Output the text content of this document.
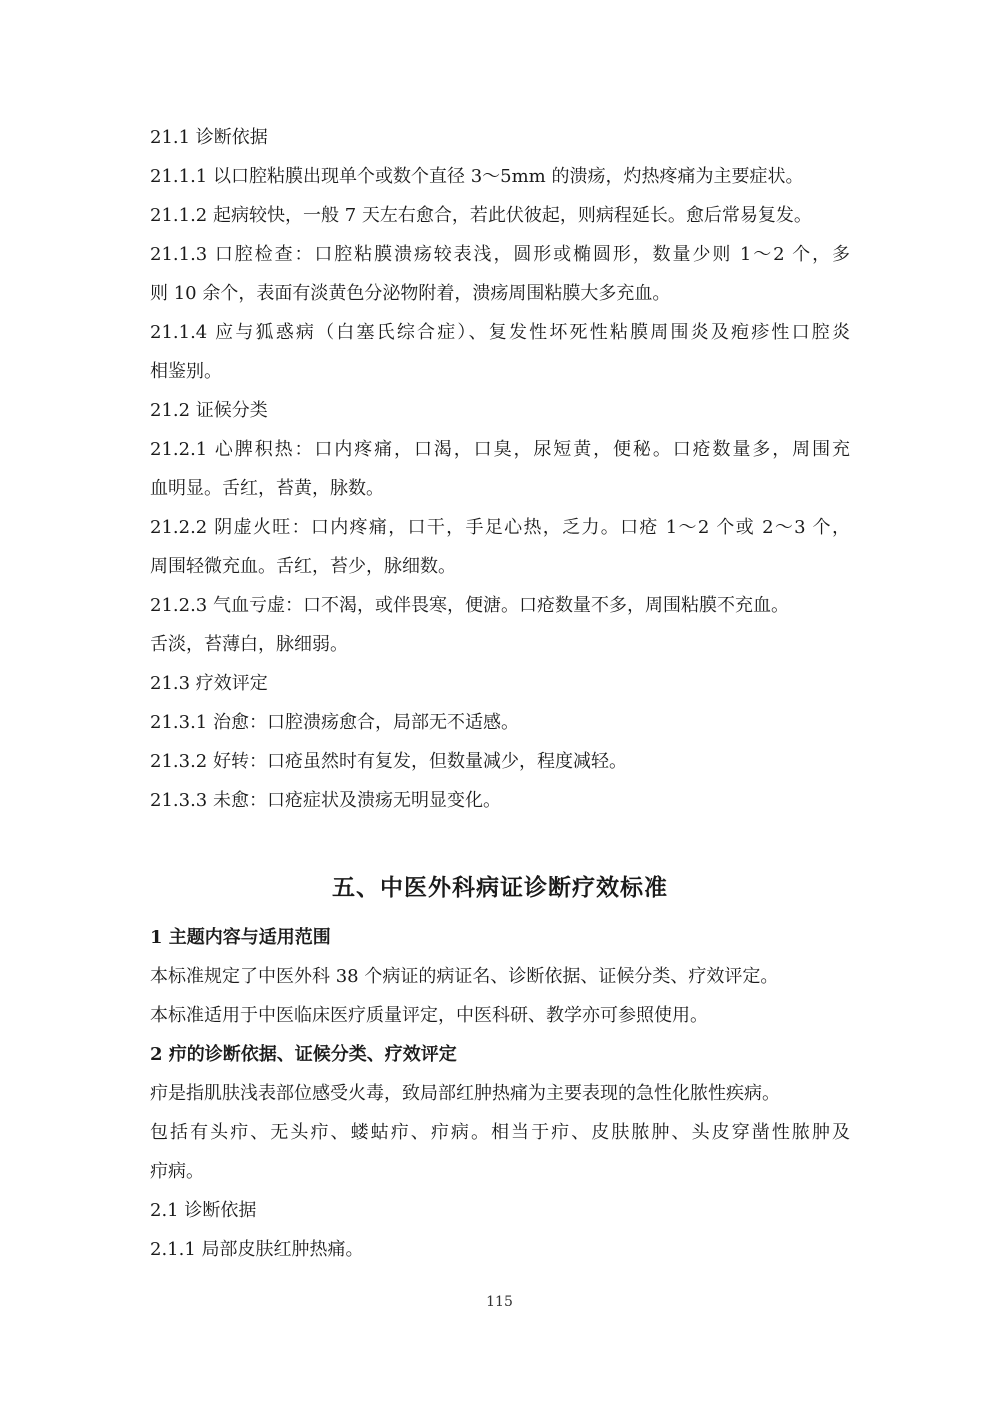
21.1 诊断依据
21.1.1 以口腔粘膜出现单个或数个直径 3～5mm 的溃疡，灼热疼痛为主要症状。
21.1.2 起病较快，一般 7 天左右愈合，若此伏彼起，则病程延长。愈后常易复发。
21.1.3 口腔检查：口腔粘膜溃疡较表浅，圆形或椭圆形，数量少则 1～2 个，多
则 10 余个，表面有淡黄色分泌物附着，溃疡周围粘膜大多充血。
21.1.4 应与狐惑病（白塞氏综合症）、复发性坏死性粘膜周围炎及疱疹性口腔炎
相鉴别。
21.2 证候分类
21.2.1 心脾积热：口内疼痛，口渴，口臭，尿短黄，便秘。口疮数量多，周围充
血明显。舌红，苔黄，脉数。
21.2.2 阴虚火旺：口内疼痛，口干，手足心热，乏力。口疮 1～2 个或 2～3 个，
周围轻微充血。舌红，苔少，脉细数。
21.2.3 气血亏虚：口不渴，或伴畏寒，便溏。口疮数量不多，周围粘膜不充血。
舌淡，苔薄白，脉细弱。
21.3 疗效评定
21.3.1 治愈：口腔溃疡愈合，局部无不适感。
21.3.2 好转：口疮虽然时有复发，但数量减少，程度减轻。
21.3.3 未愈：口疮症状及溃疡无明显变化。
五、中医外科病证诊断疗效标准
1 主题内容与适用范围
本标准规定了中医外科 38 个病证的病证名、诊断依据、证候分类、疗效评定。
本标准适用于中医临床医疗质量评定，中医科研、教学亦可参照使用。
2 疖的诊断依据、证候分类、疗效评定
疖是指肌肤浅表部位感受火毒，致局部红肿热痛为主要表现的急性化脓性疾病。
包括有头疖、无头疖、蝼蛄疖、疖病。相当于疖、皮肤脓肿、头皮穿凿性脓肿及
疖病。
2.1 诊断依据
2.1.1 局部皮肤红肿热痛。
115
